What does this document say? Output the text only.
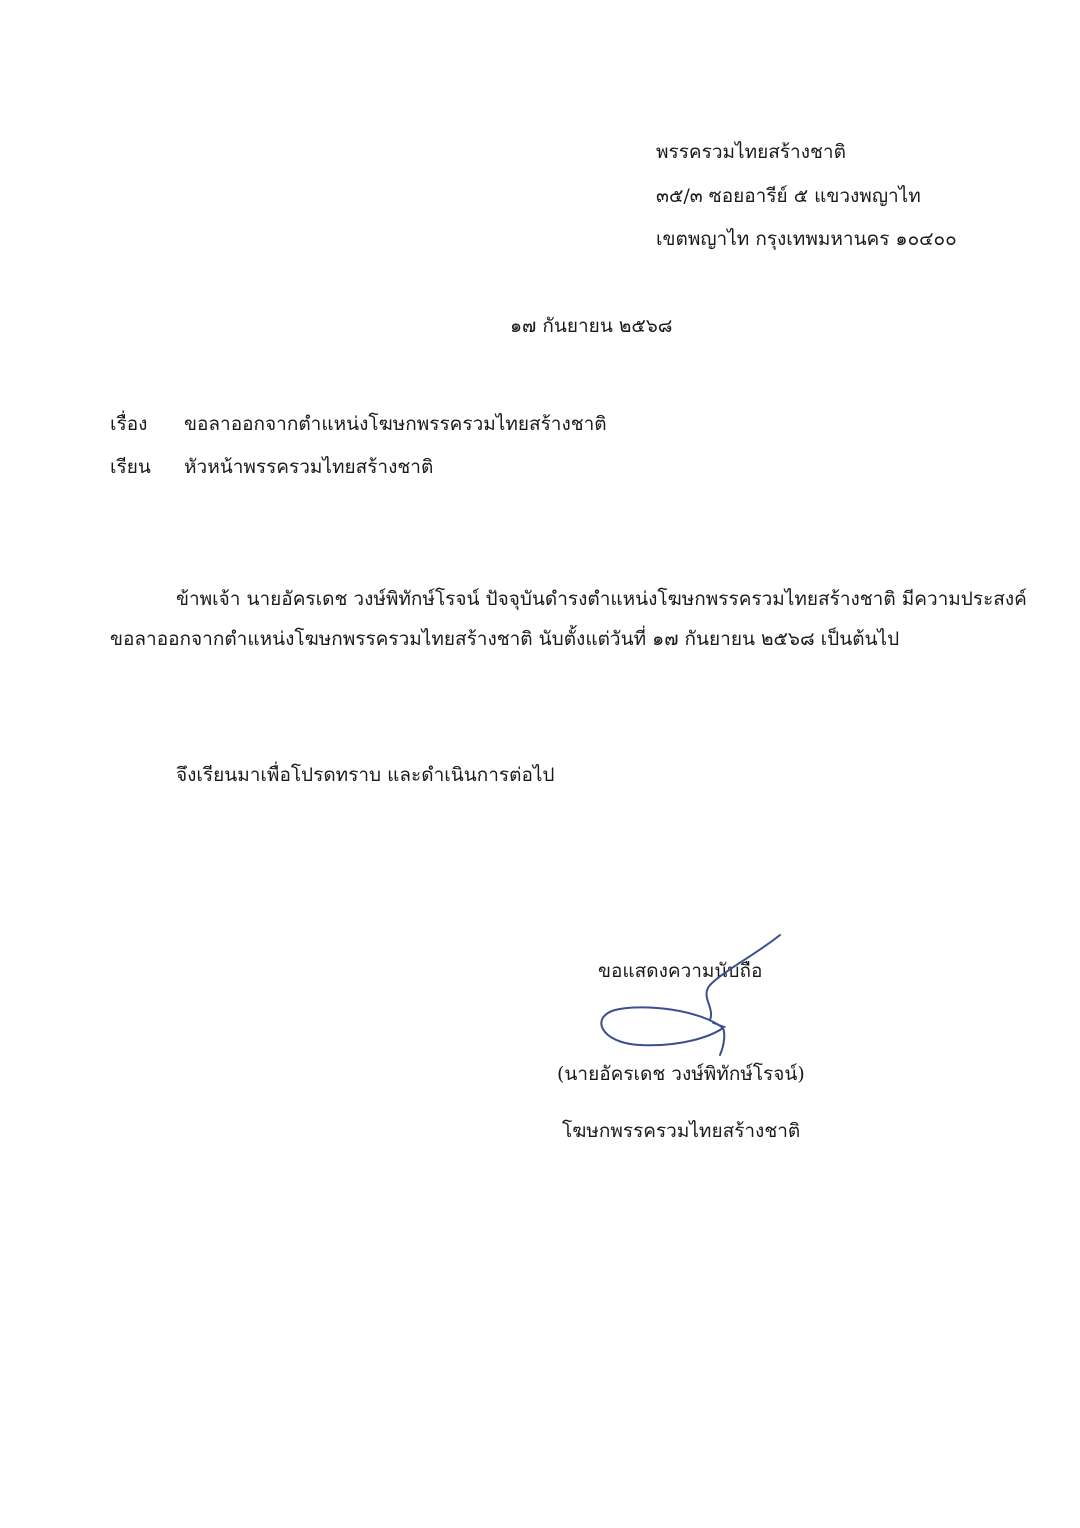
พรรครวมไทยสร้างชาติ
๓๕/๓ ซอยอารีย์ ๕ แขวงพญาไท
เขตพญาไท กรุงเทพมหานคร ๑๐๔๐๐
๑๗ กันยายน ๒๕๖๘
เรื่อง ขอลาออกจากตำแหน่งโฆษกพรรครวมไทยสร้างชาติ
เรียน หัวหน้าพรรครวมไทยสร้างชาติ
ข้าพเจ้า นายอัครเดช วงษ์พิทักษ์โรจน์ ปัจจุบันดำรงตำแหน่งโฆษกพรรครวมไทยสร้างชาติ มีความประสงค์
ขอลาออกจากตำแหน่งโฆษกพรรครวมไทยสร้างชาติ นับตั้งแต่วันที่ ๑๗ กันยายน ๒๕๖๘ เป็นต้นไป
จึงเรียนมาเพื่อโปรดทราบ และดำเนินการต่อไป
ขอแสดงความนับถือ
(นายอัครเดช วงษ์พิทักษ์โรจน์)
โฆษกพรรครวมไทยสร้างชาติ
